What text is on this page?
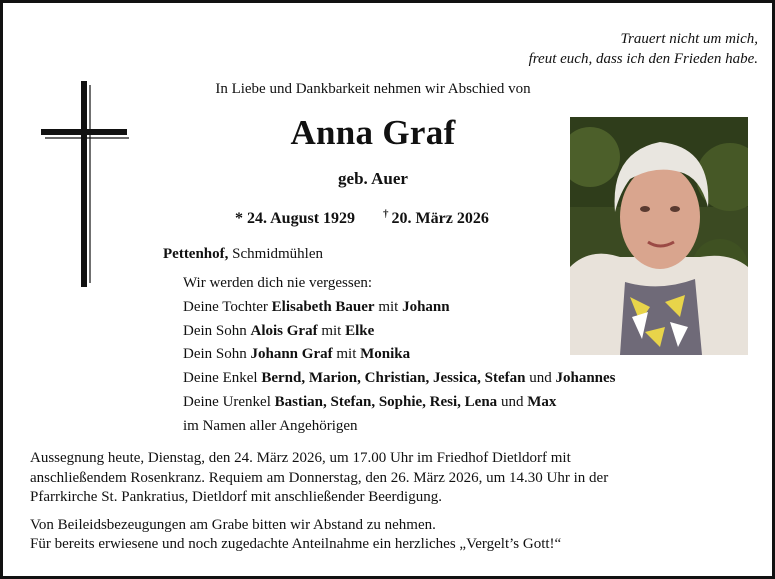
Trauert nicht um mich,
freut euch, dass ich den Frieden habe.
In Liebe und Dankbarkeit nehmen wir Abschied von
Anna Graf
geb. Auer
* 24. August 1929	† 20. März 2026
Pettenhof, Schmidmühlen
Wir werden dich nie vergessen:
Deine Tochter Elisabeth Bauer mit Johann
Dein Sohn Alois Graf mit Elke
Dein Sohn Johann Graf mit Monika
Deine Enkel Bernd, Marion, Christian, Jessica, Stefan und Johannes
Deine Urenkel Bastian, Stefan, Sophie, Resi, Lena und Max
im Namen aller Angehörigen

Aussegnung heute, Dienstag, den 24. März 2026, um 17.00 Uhr im Friedhof Dietldorf mit
anschließendem Rosenkranz. Requiem am Donnerstag, den 26. März 2026, um 14.30 Uhr in der
Pfarrkirche St. Pankratius, Dietldorf mit anschließender Beerdigung.

Von Beileidsbezeugungen am Grabe bitten wir Abstand zu nehmen.
Für bereits erwiesene und noch zugedachte Anteilnahme ein herzliches „Vergelt’s Gott!“
